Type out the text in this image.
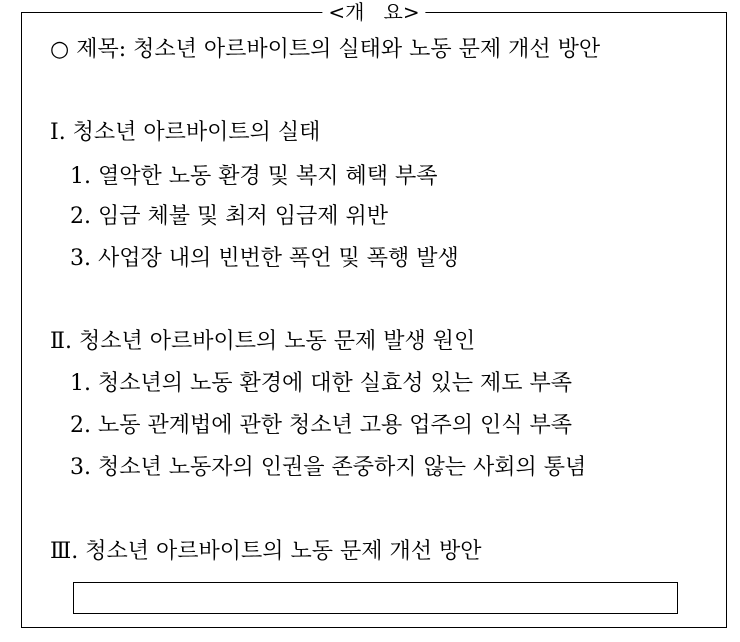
<개   요>
○ 제목: 청소년 아르바이트의 실태와 노동 문제 개선 방안
Ⅰ. 청소년 아르바이트의 실태
1. 열악한 노동 환경 및 복지 혜택 부족
2. 임금 체불 및 최저 임금제 위반
3. 사업장 내의 빈번한 폭언 및 폭행 발생
Ⅱ. 청소년 아르바이트의 노동 문제 발생 원인
1. 청소년의 노동 환경에 대한 실효성 있는 제도 부족
2. 노동 관계법에 관한 청소년 고용 업주의 인식 부족
3. 청소년 노동자의 인권을 존중하지 않는 사회의 통념
Ⅲ. 청소년 아르바이트의 노동 문제 개선 방안
